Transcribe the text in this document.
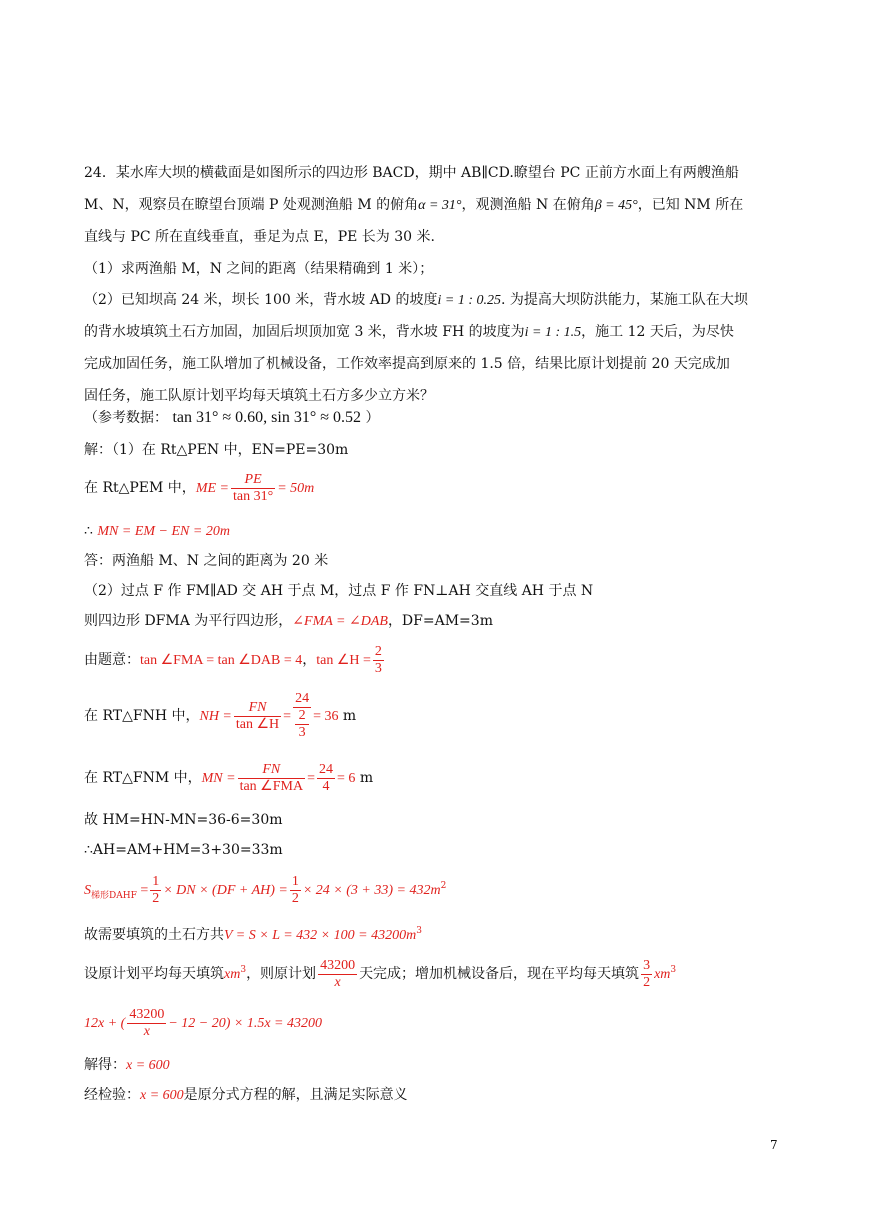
24．某水库大坝的横截面是如图所示的四边形 BACD，期中 AB∥CD.瞭望台 PC 正前方水面上有两艘渔船
M、N，观察员在瞭望台顶端 P 处观测渔船 M 的俯角α = 31°，观测渔船 N 在俯角β = 45°，已知 NM 所在
直线与 PC 所在直线垂直，垂足为点 E，PE 长为 30 米.
（1）求两渔船 M，N 之间的距离（结果精确到 1 米）；
（2）已知坝高 24 米，坝长 100 米，背水坡 AD 的坡度i = 1 : 0.25. 为提高大坝防洪能力，某施工队在大坝
的背水坡填筑土石方加固，加固后坝顶加宽 3 米，背水坡 FH 的坡度为i = 1 : 1.5，施工 12 天后，为尽快
完成加固任务，施工队增加了机械设备，工作效率提高到原来的 1.5 倍，结果比原计划提前 20 天完成加
固任务，施工队原计划平均每天填筑土石方多少立方米？
（参考数据： tan 31° ≈ 0.60, sin 31° ≈ 0.52 ）
解：（1）在 Rt△PEN 中，EN=PE=30m
在 Rt△PEM 中，ME = $\frac{PE}{\tan 31^\circ} = 50m$
∴ MN = EM − EN = 20m
答：两渔船 M、N 之间的距离为 20 米
（2）过点 F 作 FM∥AD 交 AH 于点 M，过点 F 作 FN⊥AH 交直线 AH 于点 N
则四边形 DFMA 为平行四边形，∠FMA = ∠DAB，DF=AM=3m
由题意：tan ∠FMA = tan ∠DAB = 4，tan ∠H = $\frac{2}{3}$
在 RT△FNH 中，NH = $\frac{FN}{\tan \angle H} = 24$
2
3 = 36 m
在 RT△FNM 中，MN = $\frac{FN}{\text{tan ∠FMA}} = \frac{24}{4} = 6$ m
故 HM=HN-MN=36-6=30m
∴AH=AM+HM=3+30=33m
$S_{梯形DAHF} = \frac{1}{2}$ × DN × $(DF + AH) = \frac{1}{2} \times 24 \times (3 + 33) = 432m^2$
故需要填筑的土石方共$V = S \times L = 432 \times 100 = 43200m^3$
设原计划平均每天填筑$xm^3$，则原计划 $\frac{43200}{x}$ 天完成；增加机械设备后，现在平均每天填筑 $\frac{3}{2} xm^3$
12x + ( $\frac{43200}{x} - 12 - 20) \times 1.5x = 43200$
解得：x = 600
经检验：x = 600是原分式方程的解，且满足实际意义
7
